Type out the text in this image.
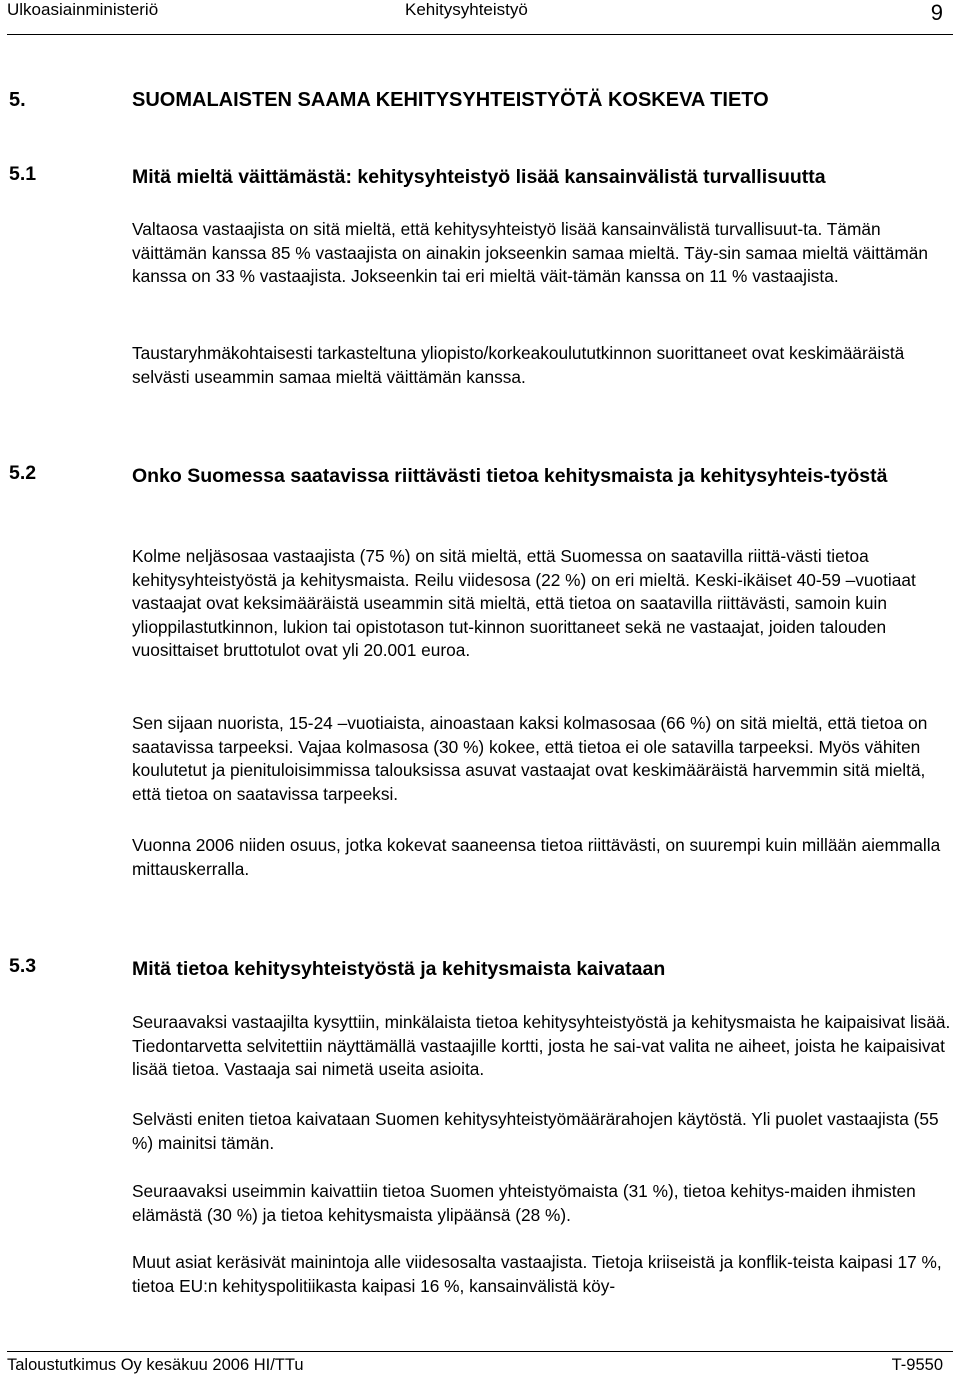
Ulkoasiainministeriö	Kehitysyhteistyö	9
5.	SUOMALAISTEN SAAMA KEHITYSYHTEISTYÖTÄ KOSKEVA TIETO
5.1	Mitä mieltä väittämästä: kehitysyhteistyö lisää kansainvälistä turvallisuutta

Valtaosa vastaajista on sitä mieltä, että kehitysyhteistyö lisää kansainvälistä turvallisuut-ta. Tämän väittämän kanssa 85 % vastaajista on ainakin jokseenkin samaa mieltä. Täy-sin samaa mieltä väittämän kanssa on 33 % vastaajista. Jokseenkin tai eri mieltä väit-tämän kanssa on 11 % vastaajista.

Taustaryhmäkohtaisesti tarkasteltuna yliopisto/korkeakoulututkinnon suorittaneet ovat keskimääräistä selvästi useammin samaa mieltä väittämän kanssa.

5.2	Onko Suomessa saatavissa riittävästi tietoa kehitysmaista ja kehitysyhteis-työstä

Kolme neljäsosaa vastaajista (75 %) on sitä mieltä, että Suomessa on saatavilla riittä-västi tietoa kehitysyhteistyöstä ja kehitysmaista. Reilu viidesosa (22 %) on eri mieltä. Keski-ikäiset 40-59 –vuotiaat vastaajat ovat keksimääräistä useammin sitä mieltä, että tietoa on saatavilla riittävästi, samoin kuin ylioppilastutkinnon, lukion tai opistotason tut-kinnon suorittaneet sekä ne vastaajat, joiden talouden vuosittaiset bruttotulot ovat yli 20.001 euroa.

Sen sijaan nuorista, 15-24 –vuotiaista, ainoastaan kaksi kolmasosaa (66 %) on sitä mieltä, että tietoa on saatavissa tarpeeksi. Vajaa kolmasosa (30 %) kokee, että tietoa ei ole satavilla tarpeeksi. Myös vähiten koulutetut ja pienituloisimmissa talouksissa asuvat vastaajat ovat keskimääräistä harvemmin sitä mieltä, että tietoa on saatavissa tarpeeksi.

Vuonna 2006 niiden osuus, jotka kokevat saaneensa tietoa riittävästi, on suurempi kuin millään aiemmalla mittauskerralla.

5.3	Mitä tietoa kehitysyhteistyöstä ja kehitysmaista kaivataan

Seuraavaksi vastaajilta kysyttiin, minkälaista tietoa kehitysyhteistyöstä ja kehitysmaista he kaipaisivat lisää. Tiedontarvetta selvitettiin näyttämällä vastaajille kortti, josta he sai-vat valita ne aiheet, joista he kaipaisivat lisää tietoa. Vastaaja sai nimetä useita asioita.

Selvästi eniten tietoa kaivataan Suomen kehitysyhteistyömäärärahojen käytöstä. Yli puolet vastaajista (55 %) mainitsi tämän.

Seuraavaksi useimmin kaivattiin tietoa Suomen yhteistyömaista (31 %), tietoa kehitys-maiden ihmisten elämästä (30 %) ja tietoa kehitysmaista ylipäänsä (28 %).

Muut asiat keräsivät mainintoja alle viidesosalta vastaajista. Tietoja kriiseistä ja konflik-teista kaipasi 17 %, tietoa EU:n kehityspolitiikasta kaipasi 16 %, kansainvälistä köy-

Taloustutkimus Oy kesäkuu 2006 HI/TTu	T-9550
